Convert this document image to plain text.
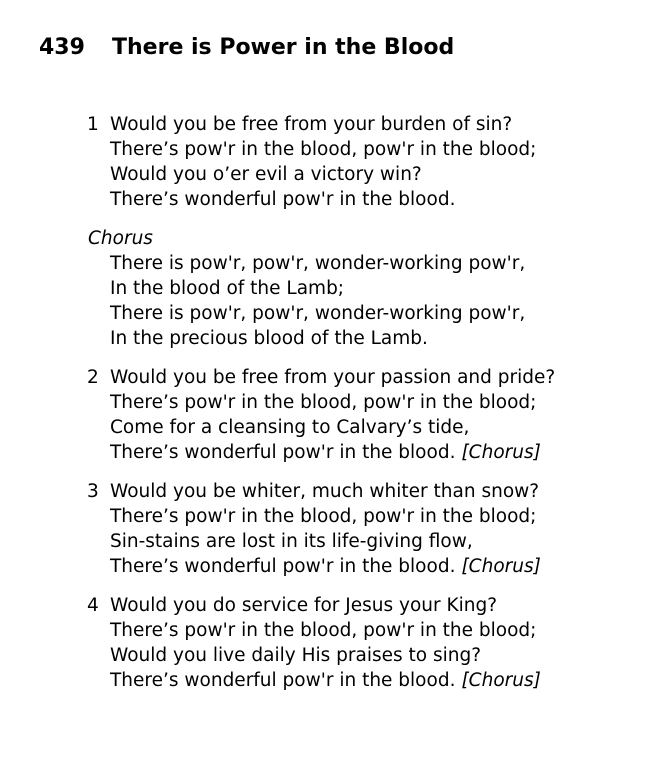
439 There is Power in the Blood
1 Would you be free from your burden of sin?
There’s pow'r in the blood, pow'r in the blood;
Would you o’er evil a victory win?
There’s wonderful pow'r in the blood.
Chorus
There is pow'r, pow'r, wonder-working pow'r,
In the blood of the Lamb;
There is pow'r, pow'r, wonder-working pow'r,
In the precious blood of the Lamb.
2 Would you be free from your passion and pride?
There’s pow'r in the blood, pow'r in the blood;
Come for a cleansing to Calvary’s tide,
There’s wonderful pow'r in the blood. [Chorus]
3 Would you be whiter, much whiter than snow?
There’s pow'r in the blood, pow'r in the blood;
Sin-stains are lost in its life-giving flow,
There’s wonderful pow'r in the blood. [Chorus]
4 Would you do service for Jesus your King?
There’s pow'r in the blood, pow'r in the blood;
Would you live daily His praises to sing?
There’s wonderful pow'r in the blood. [Chorus]
